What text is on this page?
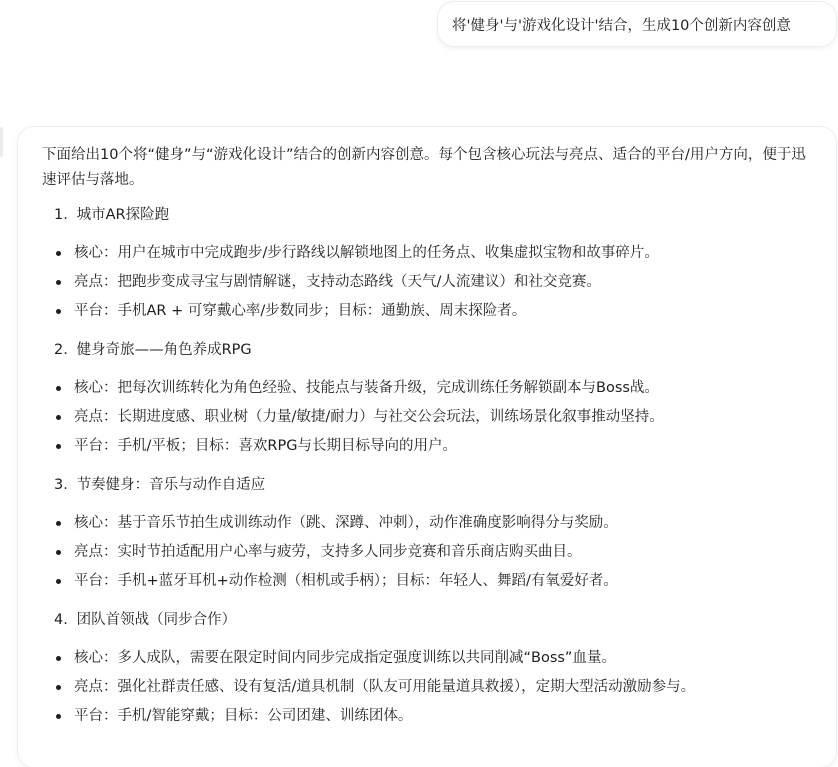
将'健身'与'游戏化设计'结合，生成10个创新内容创意

下面给出10个将“健身”与“游戏化设计”结合的创新内容创意。每个包含核心玩法与亮点、适合的平台/用户方向，便于迅速评估与落地。

1. 城市AR探险跑
核心：用户在城市中完成跑步/步行路线以解锁地图上的任务点、收集虚拟宝物和故事碎片。
亮点：把跑步变成寻宝与剧情解谜，支持动态路线（天气/人流建议）和社交竞赛。
平台：手机AR + 可穿戴心率/步数同步；目标：通勤族、周末探险者。
2. 健身奇旅——角色养成RPG
核心：把每次训练转化为角色经验、技能点与装备升级，完成训练任务解锁副本与Boss战。
亮点：长期进度感、职业树（力量/敏捷/耐力）与社交公会玩法，训练场景化叙事推动坚持。
平台：手机/平板；目标：喜欢RPG与长期目标导向的用户。
3. 节奏健身：音乐与动作自适应
核心：基于音乐节拍生成训练动作（跳、深蹲、冲刺），动作准确度影响得分与奖励。
亮点：实时节拍适配用户心率与疲劳，支持多人同步竞赛和音乐商店购买曲目。
平台：手机+蓝牙耳机+动作检测（相机或手柄）；目标：年轻人、舞蹈/有氧爱好者。
4. 团队首领战（同步合作）
核心：多人成队，需要在限定时间内同步完成指定强度训练以共同削减“Boss”血量。
亮点：强化社群责任感、设有复活/道具机制（队友可用能量道具救援），定期大型活动激励参与。
平台：手机/智能穿戴；目标：公司团建、训练团体。
